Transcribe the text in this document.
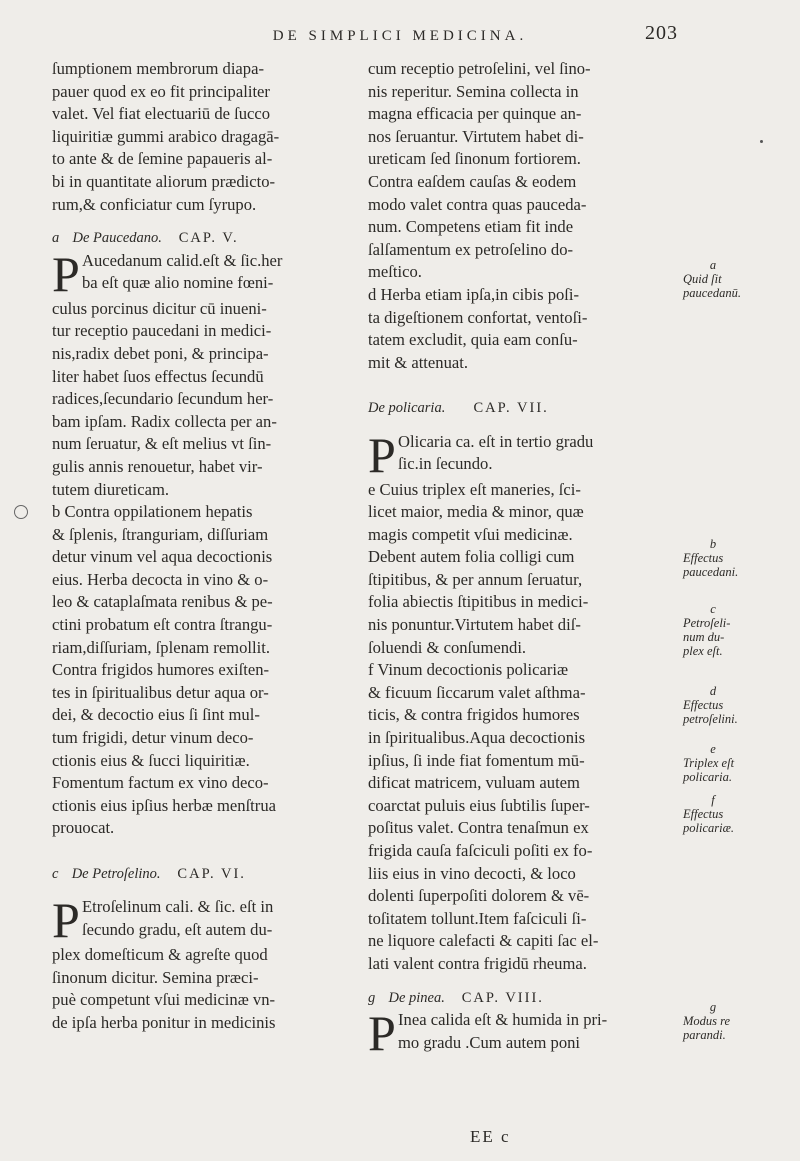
DE SIMPLICI MEDICINA.	203
ſumptionem membrorum diapa-
pauer quod ex eo fit principaliter
valet. Vel fiat electuariū de ſucco
liquiritiæ gummi arabico dragagā-
to ante & de ſemine papaueris al-
bi in quantitate aliorum prædicto-
rum,& conficiatur cum ſyrupo.
a De Paucedano. CAP. V.
P Aucedanum calid.eſt & ſic.her
ba eſt quæ alio nomine fœni-
culus porcinus dicitur cū inueni-
tur receptio paucedani in medici-
nis,radix debet poni, & principa-
liter habet ſuos effectus ſecundū
radices,ſecundario ſecundum her-
bam ipſam. Radix collecta per an-
num ſeruatur, & eſt melius vt ſin-
gulis annis renouetur, habet vir-
tutem diureticam.
b Contra oppilationem hepatis
& ſplenis, ſtranguriam, diſſuriam
detur vinum vel aqua decoctionis
eius. Herba decocta in vino & o-
leo & cataplaſmata renibus & pe-
ctini probatum eſt contra ſtrangu-
riam,diſſuriam, ſplenam remollit.
Contra frigidos humores exiſten-
tes in ſpiritualibus detur aqua or-
dei, & decoctio eius ſi ſint mul-
tum frigidi, detur vinum deco-
ctionis eius & ſucci liquiritiæ.
Fomentum factum ex vino deco-
ctionis eius ipſius herbæ menſtrua
prouocat.
c De Petroſelino. CAP. VI.
P Etroſelinum cali. & ſic. eſt in
ſecundo gradu, eſt autem du-
plex domeſticum & agreſte quod
ſinonum dicitur. Semina præci-
puè competunt vſui medicinæ vn-
de ipſa herba ponitur in medicinis
cum receptio petroſelini, vel ſino-
nis reperitur. Semina collecta in
magna efficacia per quinque an-
nos ſeruantur. Virtutem habet di-
ureticam ſed ſinonum fortiorem.
Contra eaſdem cauſas & eodem
modo valet contra quas pauceda-
num. Competens etiam fit inde
ſalſamentum ex petroſelino do-
meſtico.
d Herba etiam ipſa,in cibis poſi-
ta digeſtionem confortat, ventoſi-
tatem excludit, quia eam conſu-
mit & attenuat.
De policaria. CAP. VII.
P Olicaria ca. eſt in tertio gradu
ſic.in ſecundo.
e Cuius triplex eſt maneries, ſci-
licet maior, media & minor, quæ
magis competit vſui medicinæ.
Debent autem folia colligi cum
ſtipitibus, & per annum ſeruatur,
folia abiectis ſtipitibus in medici-
nis ponuntur.Virtutem habet diſ-
ſoluendi & conſumendi.
f Vinum decoctionis policariæ
& ficuum ſiccarum valet aſthma-
ticis, & contra frigidos humores
in ſpiritualibus.Aqua decoctionis
ipſius, ſi inde fiat fomentum mū-
dificat matricem, vuluam autem
coarctat puluis eius ſubtilis ſuper-
poſitus valet. Contra tenaſmun ex
frigida cauſa faſciculi poſiti ex fo-
liis eius in vino decocti, & loco
dolenti ſuperpoſiti dolorem & vē-
toſitatem tollunt.Item faſciculi ſi-
ne liquore calefacti & capiti ſac el-
lati valent contra frigidū rheuma.
g De pinea. CAP. VIII.
P Inea calida eſt & humida in pri-
mo gradu .Cum autem poni
EE c
a
Quid ſit
paucedanū.
b
Effectus
paucedani.
c
Petroſeli-
num du-
plex eſt.
d
Effectus
petroſelini.
e
Triplex eſt
policaria.
f
Effectus
policariæ.
g
Modus re
parandi.
